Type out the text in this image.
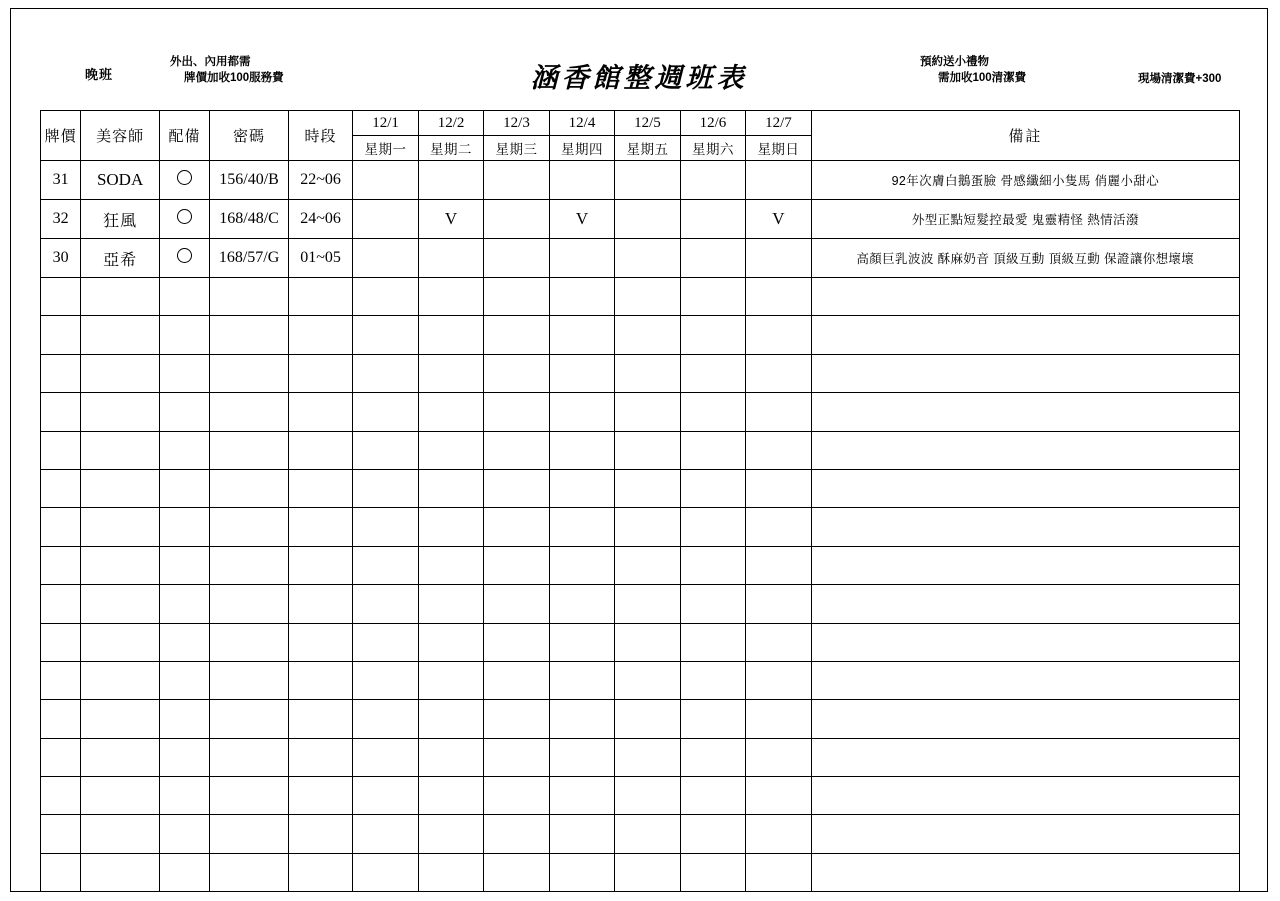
晚班
外出、內用都需
牌價加收100服務費	涵香館整週班表
預約送小禮物
需加收100清潔費	現場清潔費+300
牌價	美容師	配備	密碼	時段	12/1	12/2	12/3	12/4	12/5	12/6	12/7	備註
					星期一	星期二	星期三	星期四	星期五	星期六	星期日	
31	SODA		156/40/B	22~06								92年次膚白鵝蛋臉 骨感纖細小隻馬 俏麗小甜心
32	狂風		168/48/C	24~06		V		V			V	外型正點短髮控最愛 鬼靈精怪 熱情活潑
30	亞希		168/57/G	01~05								高顏巨乳波波 酥麻奶音 頂級互動 頂級互動 保證讓你想壞壞
